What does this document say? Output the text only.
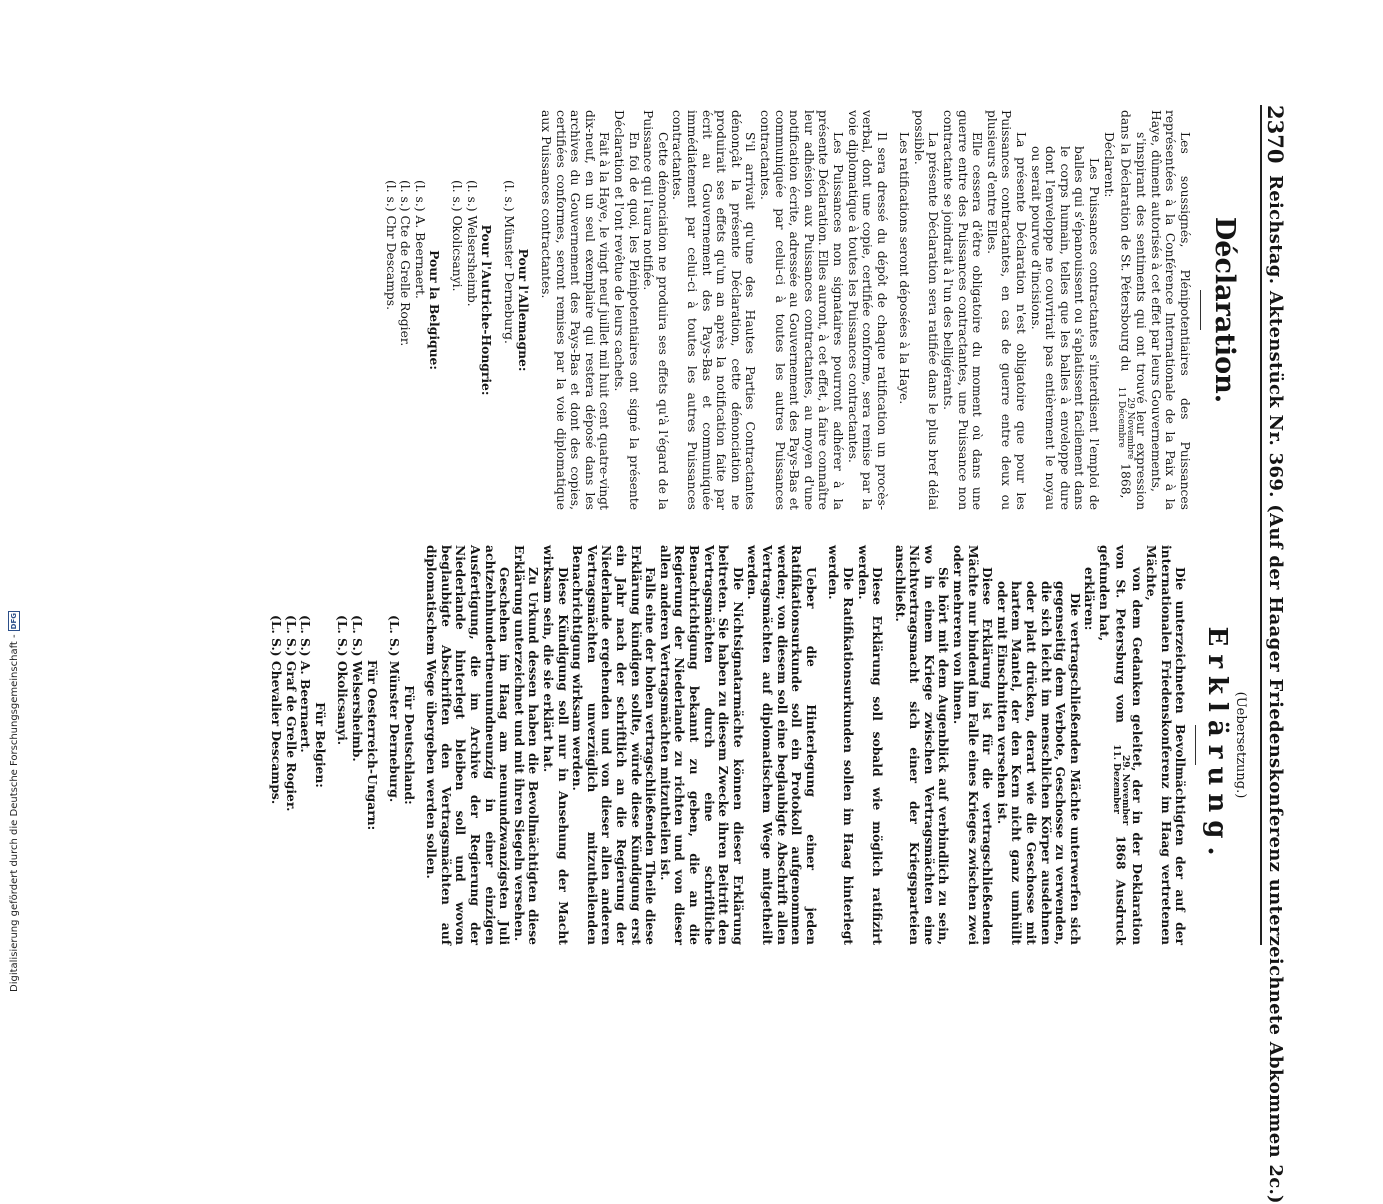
2370
Reichstag. Aktenstück Nr. 369. (Auf der Haager Friedenskonferenz unterzeichnete Abkommen 2c.)
Déclaration.

Les soussignés, Plénipotentiaires des Puissances représentées à la Conférence Internationale de la Paix à la Haye, dûment autorisés à cet effet par leurs Gouvernements,

s'inspirant des sentiments qui ont trouvé leur expression dans la Déclaration de St. Pétersbourg du 29 Novembre
11 Décembre 1868,

Déclarent:

Les Puissances contractantes s'interdisent l'emploi de balles qui s'épanouissent ou s'aplatissent facilement dans le corps humain, telles que les balles à enveloppe dure dont l'enveloppe ne couvrirait pas entièrement le noyau ou serait pourvue d'incisions.

La présente Déclaration n'est obligatoire que pour les Puissances contractantes, en cas de guerre entre deux ou plusieurs d'entre Elles.

Elle cessera d'être obligatoire du moment où dans une guerre entre des Puissances contractantes, une Puissance non contractante se joindrait à l'un des belligérants.

La présente Déclaration sera ratifiée dans le plus bref délai possible.

Les ratifications seront déposées à la Haye.

Il sera dressé du dépôt de chaque ratification un procès-verbal, dont une copie, certifiée conforme, sera remise par la voie diplomatique à toutes les Puissances contractantes.

Les Puissances non signataires pourront adhérer à la présente Déclaration. Elles auront, à cet effet, à faire connaître leur adhésion aux Puissances contractantes, au moyen d'une notification écrite, adressée au Gouvernement des Pays-Bas et communiquée par celui-ci à toutes les autres Puissances contractantes.

S'il arrivait qu'une des Hautes Parties Contractantes dénonçât la présente Déclaration, cette dénonciation ne produirait ses effets qu'un an après la notification faite par écrit au Gouvernement des Pays-Bas et communiquée immédiatement par celui-ci à toutes les autres Puissances contractantes.

Cette dénonciation ne produira ses effets qu'à l'égard de la Puissance qui l'aura notifiée.

En foi de quoi, les Plénipotentiaires ont signé la présente Déclaration et l'ont revêtue de leurs cachets.

Fait à la Haye, le vingt neuf juillet mil huit cent quatre-vingt dix-neuf, en un seul exemplaire qui restera déposé dans les archives du Gouvernement des Pays-Bas et dont des copies, certifiées conformes, seront remises par la voie diplomatique aux Puissances contractantes.

Pour l'Allemagne:
(l. s.) Münster Derneburg.
Pour l'Autriche-Hongrie:
(l. s.) Welsersheimb.
(l. s.) Okolicsanyi.
Pour la Belgique:
(l. s.) A. Beernaert.
(l. s.) Cte de Grelle Rogier.
(l. s.) Chr Descamps.
(Uebersetzung.)
Erklärung.

Die unterzeichneten Bevollmächtigten der auf der internationalen Friedenskonferenz im Haag vertretenen Mächte,

von dem Gedanken geleitet, der in der Deklaration von St. Petersburg vom 29. November
11. Dezember 1868 Ausdruck gefunden hat,

erklären:

Die vertragschließenden Mächte unterwerfen sich gegenseitig dem Verbote, Geschosse zu verwenden, die sich leicht im menschlichen Körper ausdehnen oder platt drücken, derart wie die Geschosse mit hartem Mantel, der den Kern nicht ganz umhüllt oder mit Einschnitten versehen ist.

Diese Erklärung ist für die vertragschließenden Mächte nur bindend im Falle eines Krieges zwischen zwei oder mehreren von ihnen.

Sie hört mit dem Augenblick auf verbindlich zu sein, wo in einem Kriege zwischen Vertragsmächten eine Nichtvertragsmacht sich einer der Kriegsparteien anschließt.

Diese Erklärung soll sobald wie möglich ratifizirt werden.

Die Ratifikationsurkunden sollen im Haag hinterlegt werden.

Ueber die Hinterlegung einer jeden Ratifikationsurkunde soll ein Protokoll aufgenommen werden; von diesem soll eine beglaubigte Abschrift allen Vertragsmächten auf diplomatischem Wege mitgetheilt werden.

Die Nichtsignatarmächte können dieser Erklärung beitreten. Sie haben zu diesem Zwecke ihren Beitritt den Vertragsmächten durch eine schriftliche Benachrichtigung bekannt zu geben, die an die Regierung der Niederlande zu richten und von dieser allen anderen Vertragsmächten mitzutheilen ist.

Falls eine der hohen vertragschließenden Theile diese Erklärung kündigen sollte, würde diese Kündigung erst ein Jahr nach der schriftlich an die Regierung der Niederlande ergehenden und von dieser allen anderen Vertragsmächten unverzüglich mitzutheilenden Benachrichtigung wirksam werden.

Diese Kündigung soll nur in Ansehung der Macht wirksam sein, die sie erklärt hat.

Zu Urkund dessen haben die Bevollmächtigten diese Erklärung unterzeichnet und mit ihren Siegeln versehen.

Geschehen im Haag am neunundzwanzigsten Juli achtzehnhundertneunundneunzig in einer einzigen Ausfertigung, die im Archive der Regierung der Niederlande hinterlegt bleiben soll und wovon beglaubigte Abschriften den Vertragsmächten auf diplomatischem Wege übergeben werden sollen.

Für Deutschland:
(L. S.) Münster Derneburg.
Für Oesterreich-Ungarn:
(L. S.) Welsersheimb.
(L. S.) Okolicsanyi.
Für Belgien:
(L. S.) A. Beernaert.
(L. S.) Graf de Grelle Rogier.
(L. S.) Chevalier Descamps.
Digitalisierung gefördert durch die Deutsche Forschungsgemeinschaft - DFG
